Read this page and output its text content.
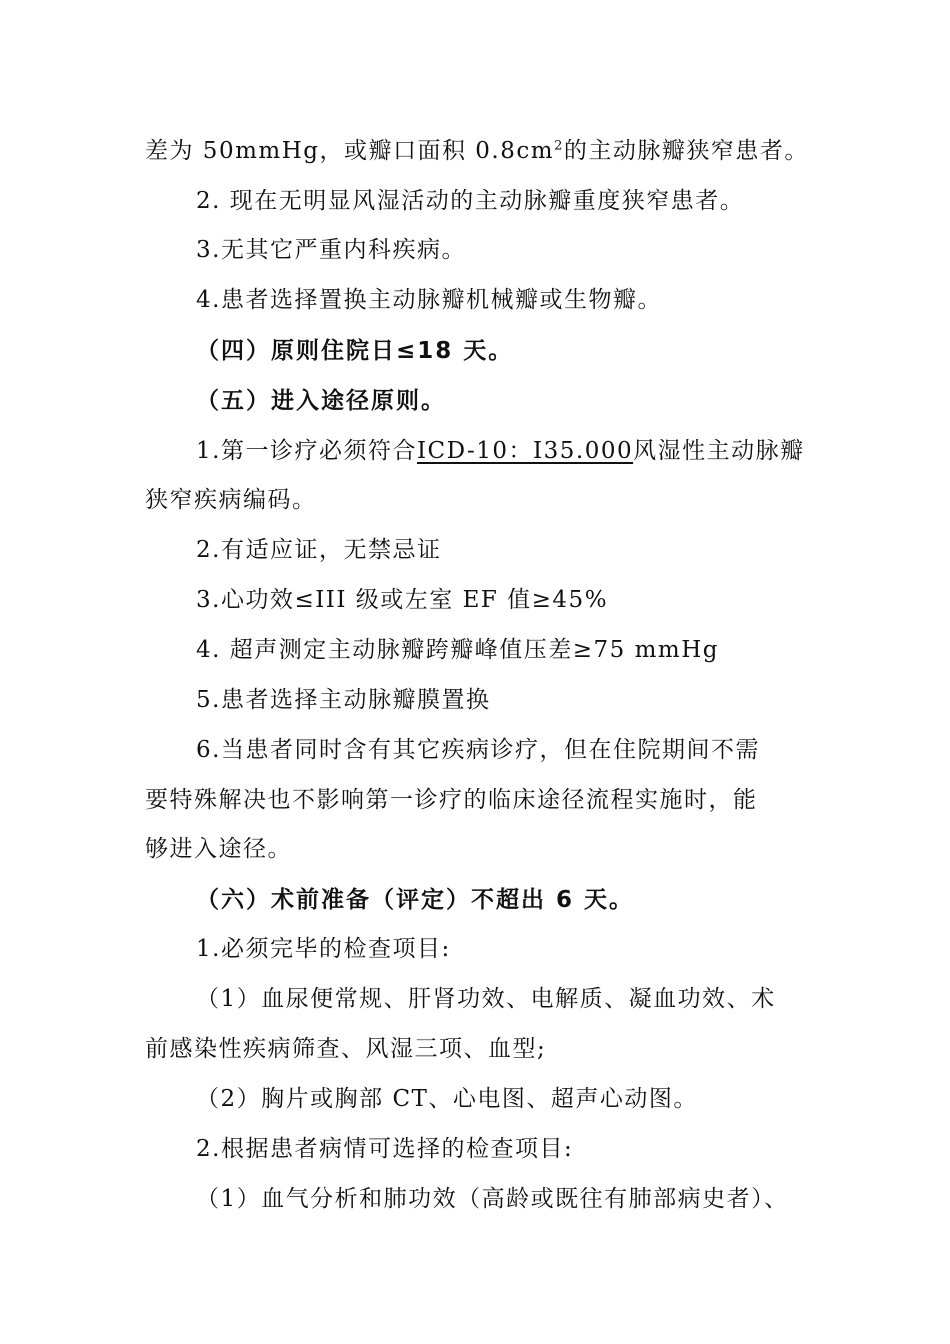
差为 50mmHg，或瓣口面积 $0.8cm^2$的主动脉瓣狭窄患者。
2. 现在无明显风湿活动的主动脉瓣重度狭窄患者。
3.无其它严重内科疾病。
4.患者选择置换主动脉瓣机械瓣或生物瓣。
（四）原则住院日≤18 天。
（五）进入途径原则。
1.第一诊疗必须符合ICD-10：I35.000风湿性主动脉瓣
狭窄疾病编码。
2.有适应证，无禁忌证
3.心功效≤III 级或左室 EF 值≥45%
4. 超声测定主动脉瓣跨瓣峰值压差≥75 mmHg
5.患者选择主动脉瓣膜置换
6.当患者同时含有其它疾病诊疗，但在住院期间不需
要特殊解决也不影响第一诊疗的临床途径流程实施时，能
够进入途径。
（六）术前准备（评定）不超出 6 天。
1.必须完毕的检查项目:
（1）血尿便常规、肝肾功效、电解质、凝血功效、术
前感染性疾病筛查、风湿三项、血型;
（2）胸片或胸部 CT、心电图、超声心动图。
2.根据患者病情可选择的检查项目:
（1）血气分析和肺功效（高龄或既往有肺部病史者）、
